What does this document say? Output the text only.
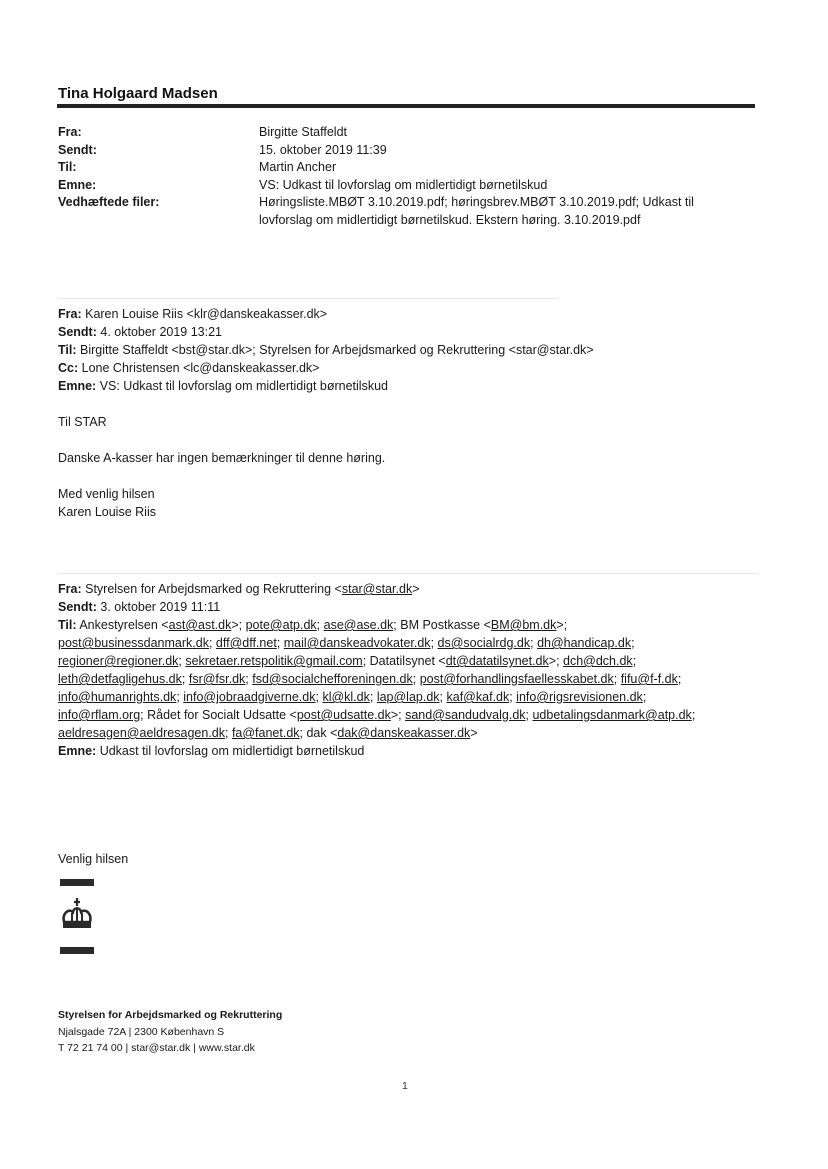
Tina Holgaard Madsen
Fra:	Birgitte Staffeldt
Sendt:	15. oktober 2019 11:39
Til:	Martin Ancher
Emne:	VS: Udkast til lovforslag om midlertidigt børnetilskud
Vedhæftede filer:	Høringsliste.MBØT 3.10.2019.pdf; høringsbrev.MBØT 3.10.2019.pdf; Udkast til lovforslag om midlertidigt børnetilskud. Ekstern høring. 3.10.2019.pdf
Fra: Karen Louise Riis <klr@danskeakasser.dk>
Sendt: 4. oktober 2019 13:21
Til: Birgitte Staffeldt <bst@star.dk>; Styrelsen for Arbejdsmarked og Rekruttering <star@star.dk>
Cc: Lone Christensen <lc@danskeakasser.dk>
Emne: VS: Udkast til lovforslag om midlertidigt børnetilskud
Til STAR
Danske A-kasser har ingen bemærkninger til denne høring.
Med venlig hilsen
Karen Louise Riis
Fra: Styrelsen for Arbejdsmarked og Rekruttering <star@star.dk>
Sendt: 3. oktober 2019 11:11
Til: Ankestyrelsen <ast@ast.dk>; pote@atp.dk; ase@ase.dk; BM Postkasse <BM@bm.dk>;
post@businessdanmark.dk; dff@dff.net; mail@danskeadvokater.dk; ds@socialrdg.dk; dh@handicap.dk;
regioner@regioner.dk; sekretaer.retspolitik@gmail.com; Datatilsynet <dt@datatilsynet.dk>; dch@dch.dk;
leth@detfagligehus.dk; fsr@fsr.dk; fsd@socialchefforeningen.dk; post@forhandlingsfaellesskabet.dk; fifu@f-f.dk;
info@humanrights.dk; info@jobraadgiverne.dk; kl@kl.dk; lap@lap.dk; kaf@kaf.dk; info@rigsrevisionen.dk;
info@rflam.org; Rådet for Socialt Udsatte <post@udsatte.dk>; sand@sandudvalg.dk; udbetalingsdanmark@atp.dk;
aeldresagen@aeldresagen.dk; fa@fanet.dk; dak <dak@danskeakasser.dk>
Emne: Udkast til lovforslag om midlertidigt børnetilskud
Venlig hilsen
Styrelsen for Arbejdsmarked og Rekruttering
Njalsgade 72A | 2300 København S
T 72 21 74 00 | star@star.dk | www.star.dk
1
